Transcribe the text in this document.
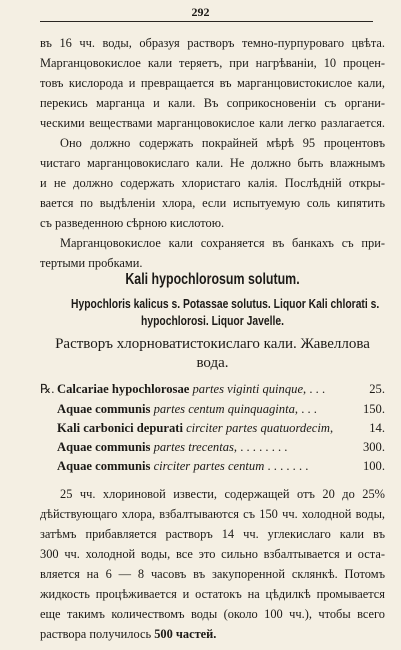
292
въ 16 чч. воды, образуя растворъ темно-пурпуроваго цвѣта.
Марганцовокислое кали теряетъ, при нагрѣваніи, 10 процен-
товъ кислорода и превращается въ марганцовистокислое кали,
перекись марганца и кали. Въ соприкосновеніи съ органи-
ческими веществами марганцовокислое кали легко разлагается.
Оно должно содержать покрайней мѣрѣ 95 процентовъ
чистаго марганцовокислаго кали. Не должно быть влажнымъ
и не должно содержать хлористаго калія. Послѣдній откры-
вается по выдѣленіи хлора, если испытуемую соль кипятить
съ разведенною сѣрною кислотою.
Марганцовокислое кали сохраняется въ банкахъ съ при-
тертыми пробками.
Kali hypochlorosum solutum.
Hypochloris kalicus s. Potassae solutus. Liquor Kali chlorati s.
hypochlorosi. Liquor Javelle.
Растворъ хлорноватистокислаго кали. Жавеллова
вода.
℞. Calcariae hypochlorosae partes viginti quinque, . . .	25.
Aquae communis partes centum quinquaginta, . . .	150.
Kali carbonici depurati circiter partes quatuordecim,	14.
Aquae communis partes trecentas, . . . . . . . .	300.
Aquae communis circiter partes centum . . . . . . .	100.
25 чч. хлориновой извести, содержащей отъ 20 до 25%
дѣйствующаго хлора, взбалтываются съ 150 чч. холодной воды,
затѣмъ прибавляется растворъ 14 чч. углекислаго кали въ
300 чч. холодной воды, все это сильно взбалтывается и оста-
вляется на 6 — 8 часовъ въ закупоренной склянкѣ. Потомъ
жидкость процѣживается и остатокъ на цѣдилкѣ промывается
еще такимъ количествомъ воды (около 100 чч.), чтобы всего
раствора получилось 500 частей.
